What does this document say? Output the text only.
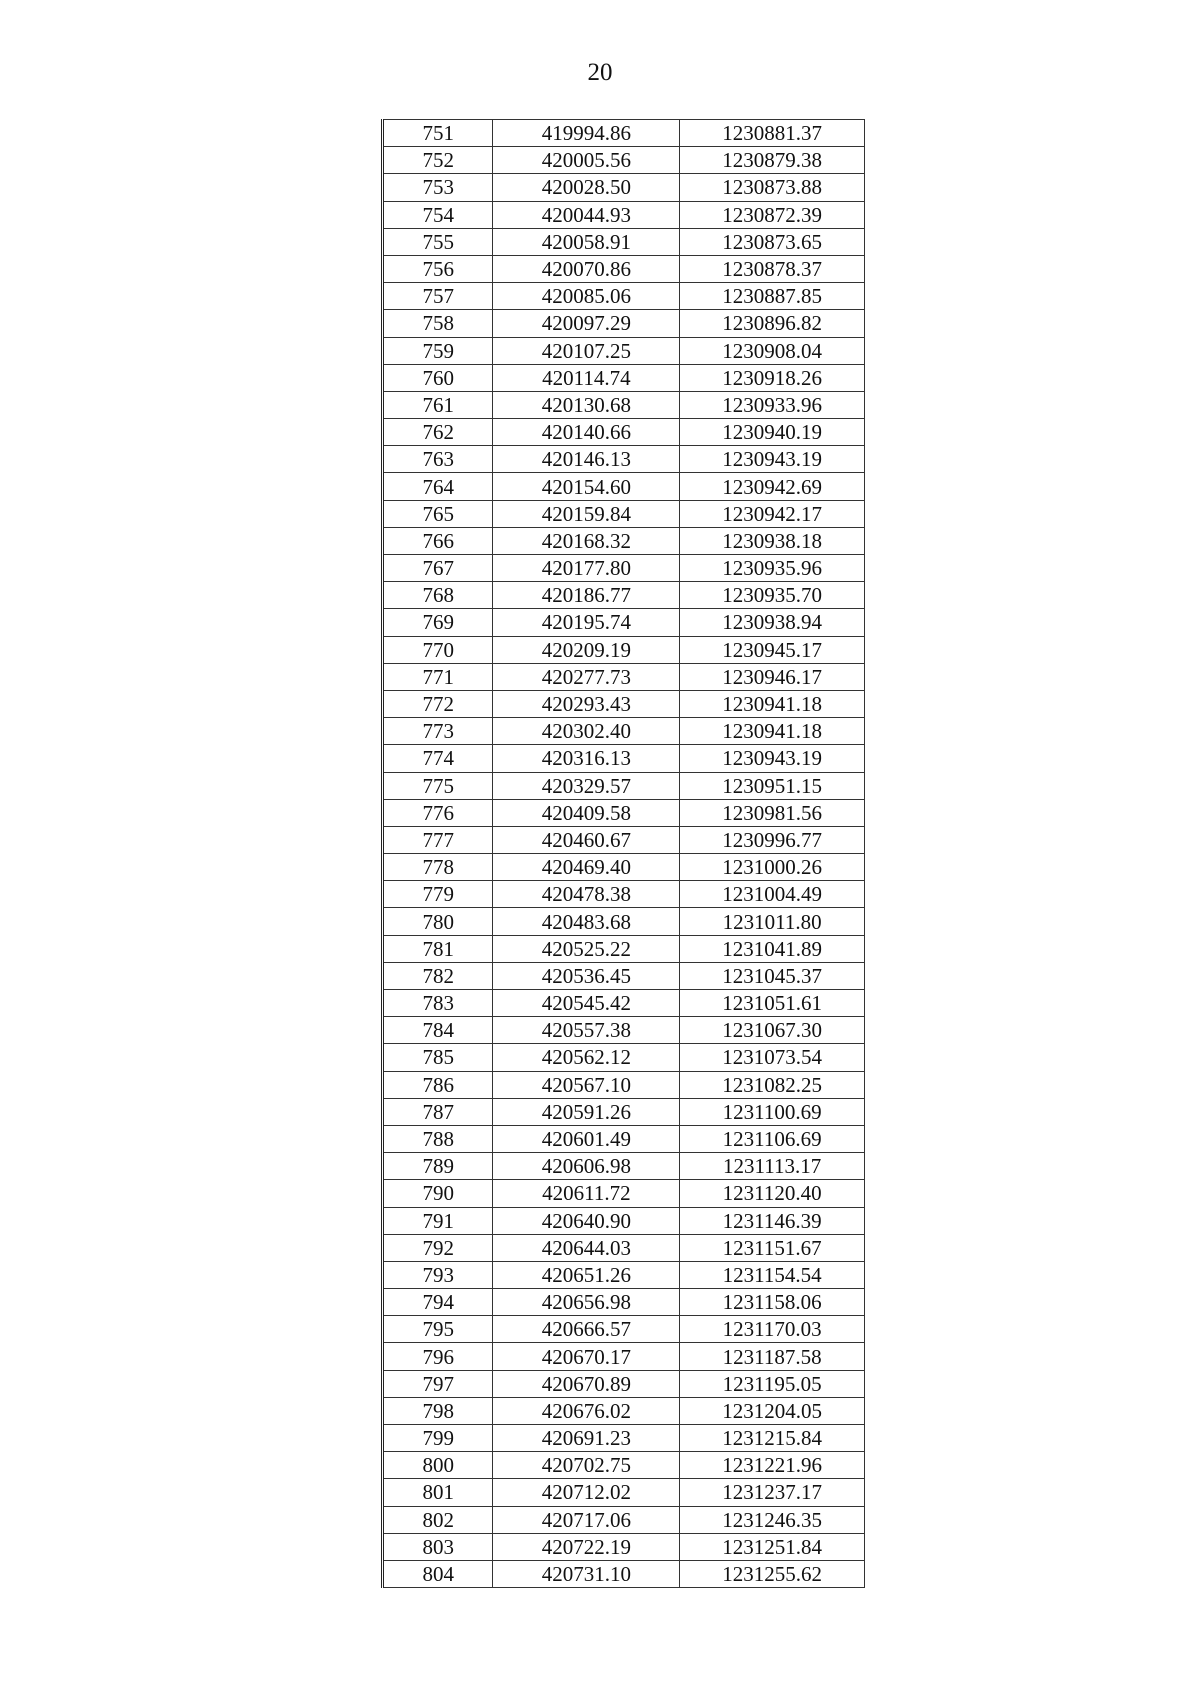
20
751	419994.86	1230881.37
752	420005.56	1230879.38
753	420028.50	1230873.88
754	420044.93	1230872.39
755	420058.91	1230873.65
756	420070.86	1230878.37
757	420085.06	1230887.85
758	420097.29	1230896.82
759	420107.25	1230908.04
760	420114.74	1230918.26
761	420130.68	1230933.96
762	420140.66	1230940.19
763	420146.13	1230943.19
764	420154.60	1230942.69
765	420159.84	1230942.17
766	420168.32	1230938.18
767	420177.80	1230935.96
768	420186.77	1230935.70
769	420195.74	1230938.94
770	420209.19	1230945.17
771	420277.73	1230946.17
772	420293.43	1230941.18
773	420302.40	1230941.18
774	420316.13	1230943.19
775	420329.57	1230951.15
776	420409.58	1230981.56
777	420460.67	1230996.77
778	420469.40	1231000.26
779	420478.38	1231004.49
780	420483.68	1231011.80
781	420525.22	1231041.89
782	420536.45	1231045.37
783	420545.42	1231051.61
784	420557.38	1231067.30
785	420562.12	1231073.54
786	420567.10	1231082.25
787	420591.26	1231100.69
788	420601.49	1231106.69
789	420606.98	1231113.17
790	420611.72	1231120.40
791	420640.90	1231146.39
792	420644.03	1231151.67
793	420651.26	1231154.54
794	420656.98	1231158.06
795	420666.57	1231170.03
796	420670.17	1231187.58
797	420670.89	1231195.05
798	420676.02	1231204.05
799	420691.23	1231215.84
800	420702.75	1231221.96
801	420712.02	1231237.17
802	420717.06	1231246.35
803	420722.19	1231251.84
804	420731.10	1231255.62
